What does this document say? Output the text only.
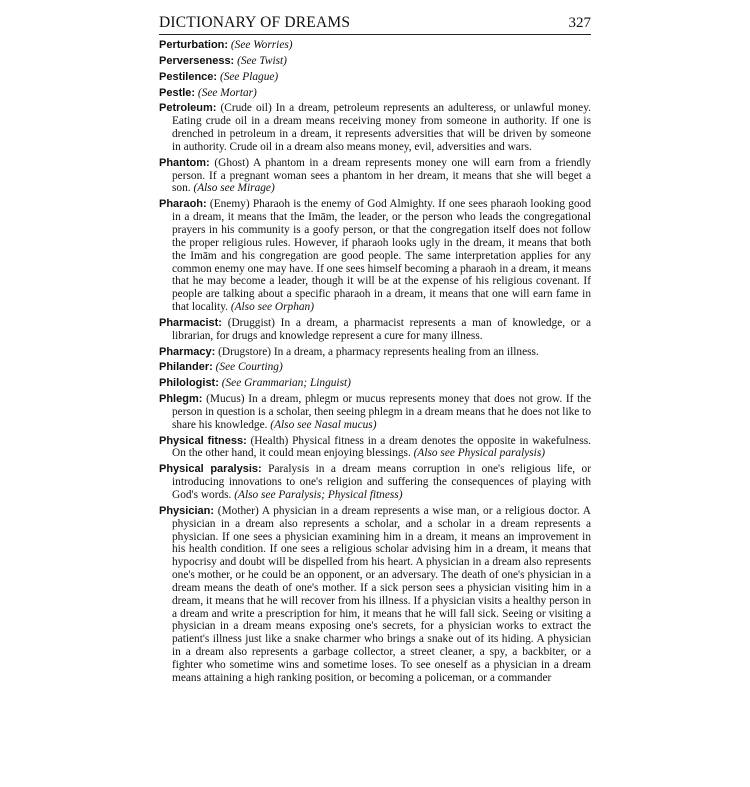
DICTIONARY OF DREAMS	327

Perturbation: (See Worries)

Perverseness: (See Twist)

Pestilence: (See Plague)

Pestle: (See Mortar)

Petroleum: (Crude oil) In a dream, petroleum represents an adulteress, or unlawful money. Eating crude oil in a dream means receiving money from someone in authority. If one is drenched in petroleum in a dream, it represents adversities that will be driven by someone in authority. Crude oil in a dream also means money, evil, adversities and wars.

Phantom: (Ghost) A phantom in a dream represents money one will earn from a friendly person. If a pregnant woman sees a phantom in her dream, it means that she will beget a son. (Also see Mirage)

Pharaoh: (Enemy) Pharaoh is the enemy of God Almighty. If one sees pharaoh looking good in a dream, it means that the Imām, the leader, or the person who leads the congregational prayers in his community is a goofy person, or that the congregation itself does not follow the proper religious rules. However, if pharaoh looks ugly in the dream, it means that both the Imām and his congregation are good people. The same interpretation applies for any common enemy one may have. If one sees himself becoming a pharaoh in a dream, it means that he may become a leader, though it will be at the expense of his religious covenant. If people are talking about a specific pharaoh in a dream, it means that one will earn fame in that locality. (Also see Orphan)

Pharmacist: (Druggist) In a dream, a pharmacist represents a man of knowledge, or a librarian, for drugs and knowledge represent a cure for many illness.

Pharmacy: (Drugstore) In a dream, a pharmacy represents healing from an illness.

Philander: (See Courting)

Philologist: (See Grammarian; Linguist)

Phlegm: (Mucus) In a dream, phlegm or mucus represents money that does not grow. If the person in question is a scholar, then seeing phlegm in a dream means that he does not like to share his knowledge. (Also see Nasal mucus)

Physical fitness: (Health) Physical fitness in a dream denotes the opposite in wakefulness. On the other hand, it could mean enjoying blessings. (Also see Physical paralysis)

Physical paralysis: Paralysis in a dream means corruption in one's religious life, or introducing innovations to one's religion and suffering the consequences of playing with God's words. (Also see Paralysis; Physical fitness)

Physician: (Mother) A physician in a dream represents a wise man, or a religious doctor. A physician in a dream also represents a scholar, and a scholar in a dream represents a physician. If one sees a physician examining him in a dream, it means an improvement in his health condition. If one sees a religious scholar advising him in a dream, it means that hypocrisy and doubt will be dispelled from his heart. A physician in a dream also represents one's mother, or he could be an opponent, or an adversary. The death of one's physician in a dream means the death of one's mother. If a sick person sees a physician visiting him in a dream, it means that he will recover from his illness. If a physician visits a healthy person in a dream and write a prescription for him, it means that he will fall sick. Seeing or visiting a physician in a dream means exposing one's secrets, for a physician works to extract the patient's illness just like a snake charmer who brings a snake out of its hiding. A physician in a dream also represents a garbage collector, a street cleaner, a spy, a backbiter, or a fighter who sometime wins and sometime loses. To see oneself as a physician in a dream means attaining a high ranking position, or becoming a policeman, or a commander
